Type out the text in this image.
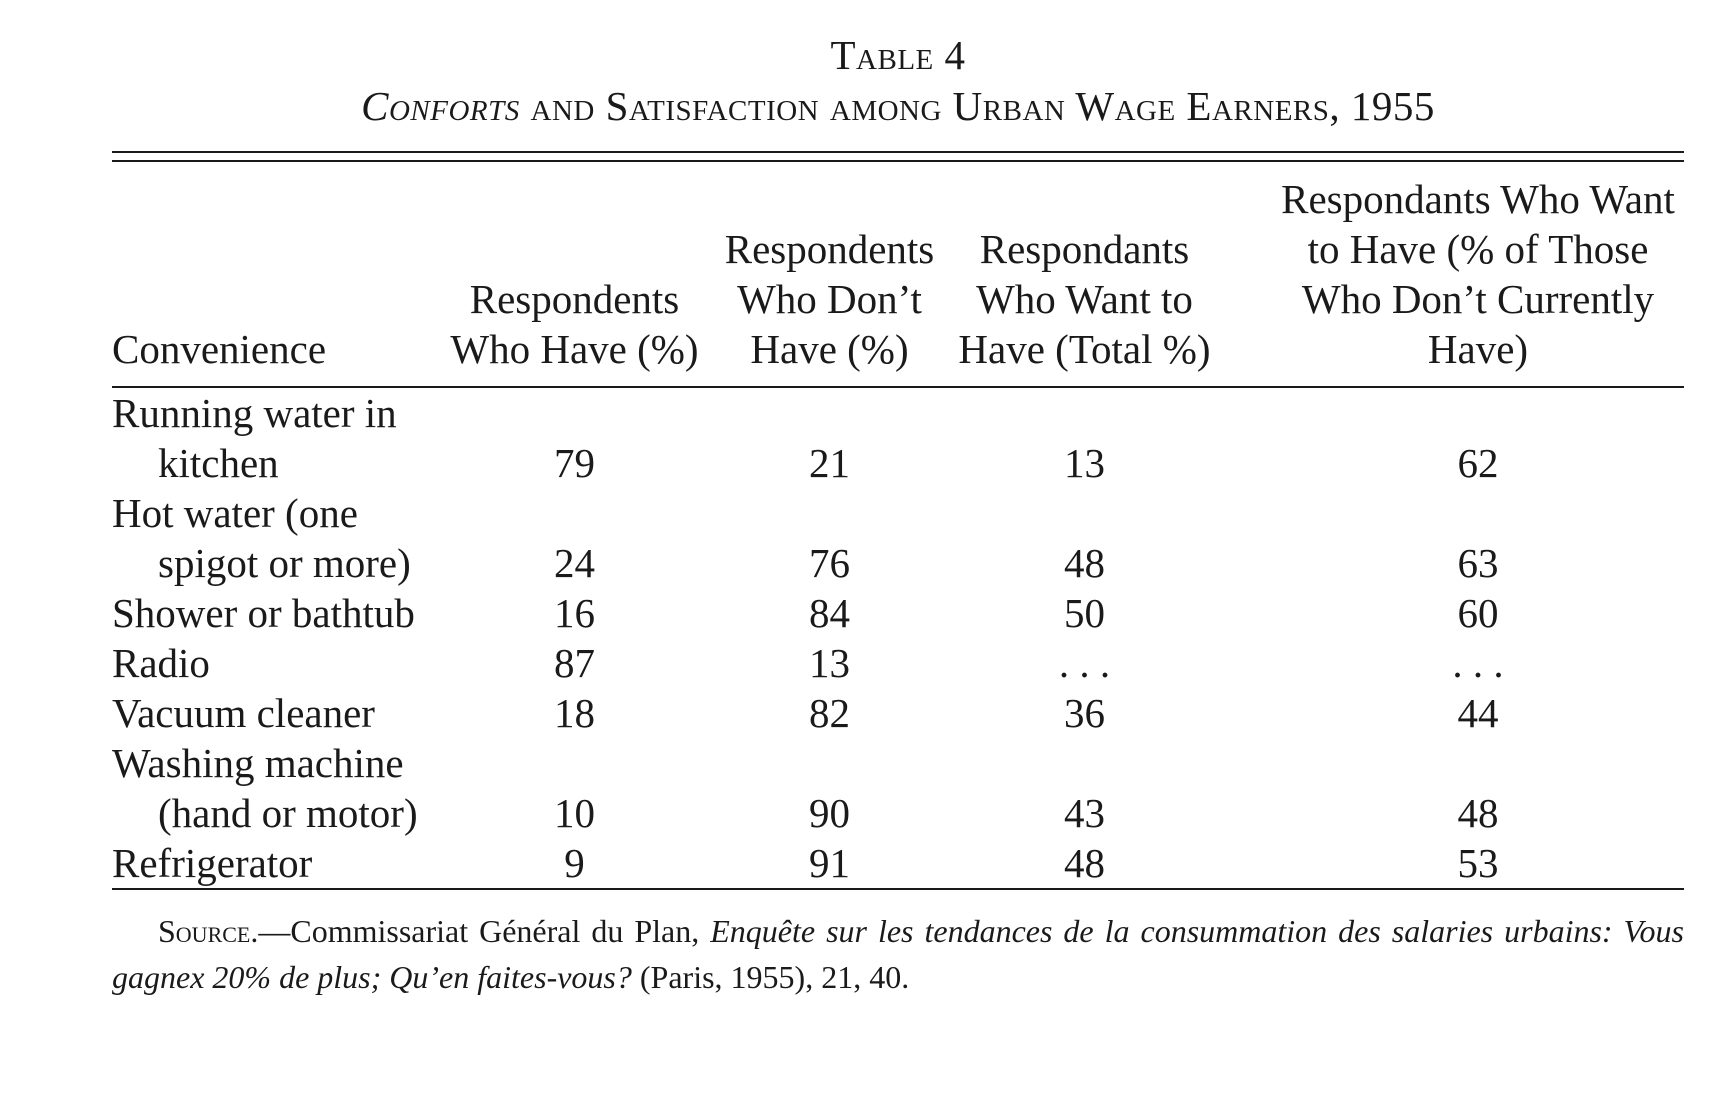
Table 4
Conforts and Satisfaction among Urban Wage Earners, 1955
Convenience	Respondents Who Have (%)	Respondents Who Don’t Have (%)	Respondants Who Want to Have (Total %)	Respondants Who Want to Have (% of Those Who Don’t Currently Have)
Running water in
kitchen	79	21	13	62
Hot water (one
spigot or more)	24	76	48	63
Shower or bathtub	16	84	50	60
Radio	87	13	. . .	. . .
Vacuum cleaner	18	82	36	44
Washing machine
(hand or motor)	10	90	43	48
Refrigerator	9	91	48	53
Source.—Commissariat Général du Plan, Enquête sur les tendances de la consummation des salaries urbains: Vous gagnex 20% de plus; Qu’en faites-vous? (Paris, 1955), 21, 40.
